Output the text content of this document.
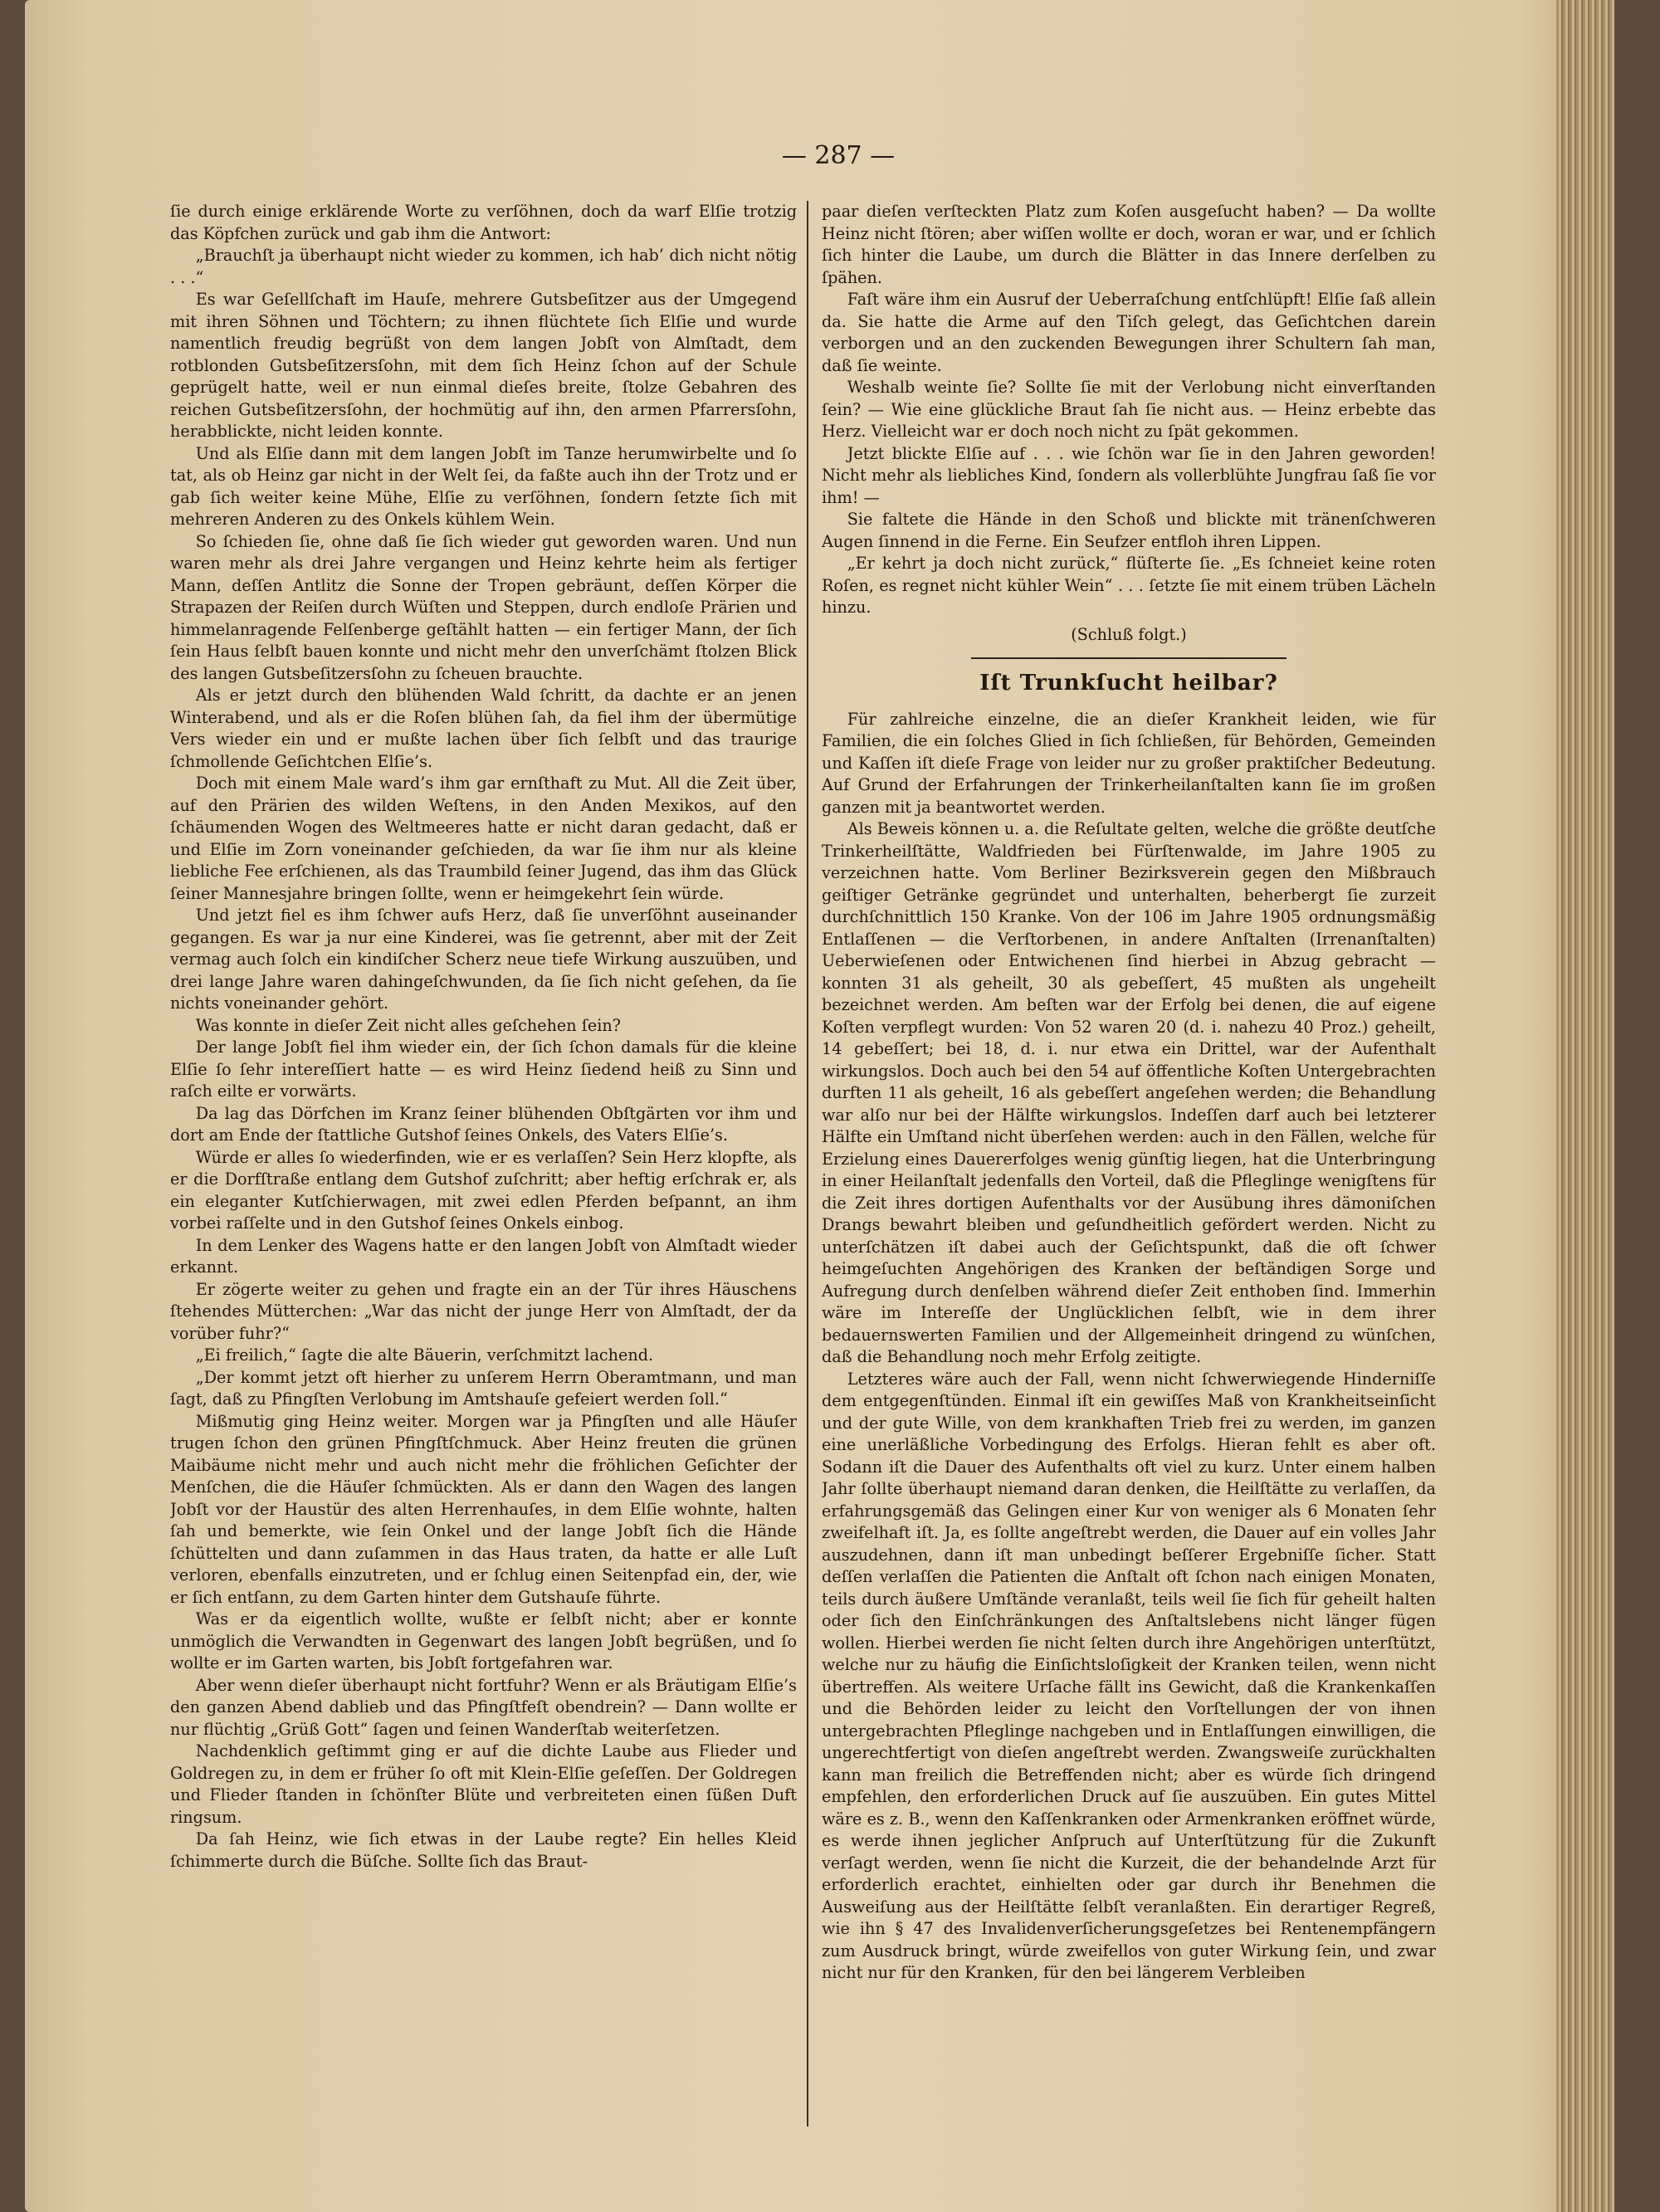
— 287 —

ſie durch einige erklärende Worte zu verſöhnen, doch da warf Elſie trotzig das Köpfchen zurück und gab ihm die Antwort:

„Brauchſt ja überhaupt nicht wieder zu kommen, ich hab’ dich nicht nötig . . .“

Es war Geſellſchaft im Hauſe, mehrere Gutsbeſitzer aus der Umgegend mit ihren Söhnen und Töchtern; zu ihnen flüchtete ſich Elſie und wurde namentlich freudig begrüßt von dem langen Jobſt von Almſtadt, dem rotblonden Gutsbeſitzersſohn, mit dem ſich Heinz ſchon auf der Schule geprügelt hatte, weil er nun einmal dieſes breite, ſtolze Gebahren des reichen Gutsbeſitzersſohn, der hochmütig auf ihn, den armen Pfarrersſohn, herabblickte, nicht leiden konnte.

Und als Elſie dann mit dem langen Jobſt im Tanze herumwirbelte und ſo tat, als ob Heinz gar nicht in der Welt ſei, da faßte auch ihn der Trotz und er gab ſich weiter keine Mühe, Elſie zu verſöhnen, ſondern ſetzte ſich mit mehreren Anderen zu des Onkels kühlem Wein.

So ſchieden ſie, ohne daß ſie ſich wieder gut geworden waren. Und nun waren mehr als drei Jahre vergangen und Heinz kehrte heim als fertiger Mann, deſſen Antlitz die Sonne der Tropen gebräunt, deſſen Körper die Strapazen der Reiſen durch Wüſten und Steppen, durch endloſe Prärien und himmelanragende Felſenberge geſtählt hatten — ein fertiger Mann, der ſich ſein Haus ſelbſt bauen konnte und nicht mehr den unverſchämt ſtolzen Blick des langen Gutsbeſitzersſohn zu ſcheuen brauchte.

Als er jetzt durch den blühenden Wald ſchritt, da dachte er an jenen Winterabend, und als er die Roſen blühen ſah, da fiel ihm der übermütige Vers wieder ein und er mußte lachen über ſich ſelbſt und das traurige ſchmollende Geſichtchen Elſie’s.

Doch mit einem Male ward’s ihm gar ernſthaft zu Mut. All die Zeit über, auf den Prärien des wilden Weſtens, in den Anden Mexikos, auf den ſchäumenden Wogen des Weltmeeres hatte er nicht daran gedacht, daß er und Elſie im Zorn voneinander geſchieden, da war ſie ihm nur als kleine liebliche Fee erſchienen, als das Traumbild ſeiner Jugend, das ihm das Glück ſeiner Mannesjahre bringen ſollte, wenn er heimgekehrt ſein würde.

Und jetzt fiel es ihm ſchwer aufs Herz, daß ſie unverſöhnt auseinander gegangen. Es war ja nur eine Kinderei, was ſie getrennt, aber mit der Zeit vermag auch ſolch ein kindiſcher Scherz neue tiefe Wirkung auszuüben, und drei lange Jahre waren dahingeſchwunden, da ſie ſich nicht geſehen, da ſie nichts voneinander gehört.

Was konnte in dieſer Zeit nicht alles geſchehen ſein?

Der lange Jobſt fiel ihm wieder ein, der ſich ſchon damals für die kleine Elſie ſo ſehr intereſſiert hatte — es wird Heinz ſiedend heiß zu Sinn und raſch eilte er vorwärts.

Da lag das Dörfchen im Kranz ſeiner blühenden Obſtgärten vor ihm und dort am Ende der ſtattliche Gutshof ſeines Onkels, des Vaters Elſie’s.

Würde er alles ſo wiederfinden, wie er es verlaſſen? Sein Herz klopfte, als er die Dorfſtraße entlang dem Gutshof zuſchritt; aber heftig erſchrak er, als ein eleganter Kutſchierwagen, mit zwei edlen Pferden beſpannt, an ihm vorbei raſſelte und in den Gutshof ſeines Onkels einbog.

In dem Lenker des Wagens hatte er den langen Jobſt von Almſtadt wieder erkannt.

Er zögerte weiter zu gehen und fragte ein an der Tür ihres Häuschens ſtehendes Mütterchen: „War das nicht der junge Herr von Almſtadt, der da vorüber fuhr?“

„Ei freilich,“ ſagte die alte Bäuerin, verſchmitzt lachend.

„Der kommt jetzt oft hierher zu unſerem Herrn Oberamtmann, und man ſagt, daß zu Pfingſten Verlobung im Amtshauſe gefeiert werden ſoll.“

Mißmutig ging Heinz weiter. Morgen war ja Pfingſten und alle Häuſer trugen ſchon den grünen Pfingſtſchmuck. Aber Heinz freuten die grünen Maibäume nicht mehr und auch nicht mehr die fröhlichen Geſichter der Menſchen, die die Häuſer ſchmückten. Als er dann den Wagen des langen Jobſt vor der Haustür des alten Herrenhauſes, in dem Elſie wohnte, halten ſah und bemerkte, wie ſein Onkel und der lange Jobſt ſich die Hände ſchüttelten und dann zuſammen in das Haus traten, da hatte er alle Luſt verloren, ebenfalls einzutreten, und er ſchlug einen Seitenpfad ein, der, wie er ſich entſann, zu dem Garten hinter dem Gutshauſe führte.

Was er da eigentlich wollte, wußte er ſelbſt nicht; aber er konnte unmöglich die Verwandten in Gegenwart des langen Jobſt begrüßen, und ſo wollte er im Garten warten, bis Jobſt fortgefahren war.

Aber wenn dieſer überhaupt nicht fortfuhr? Wenn er als Bräutigam Elſie’s den ganzen Abend dablieb und das Pfingſtfeſt obendrein? — Dann wollte er nur flüchtig „Grüß Gott“ ſagen und ſeinen Wanderſtab weiterſetzen.

Nachdenklich geſtimmt ging er auf die dichte Laube aus Flieder und Goldregen zu, in dem er früher ſo oft mit Klein-Elſie geſeſſen. Der Goldregen und Flieder ſtanden in ſchönſter Blüte und verbreiteten einen ſüßen Duft ringsum.

Da ſah Heinz, wie ſich etwas in der Laube regte? Ein helles Kleid ſchimmerte durch die Büſche. Sollte ſich das Braut-

paar dieſen verſteckten Platz zum Koſen ausgeſucht haben? — Da wollte Heinz nicht ſtören; aber wiſſen wollte er doch, woran er war, und er ſchlich ſich hinter die Laube, um durch die Blätter in das Innere derſelben zu ſpähen.

Faſt wäre ihm ein Ausruf der Ueberraſchung entſchlüpft! Elſie ſaß allein da. Sie hatte die Arme auf den Tiſch gelegt, das Geſichtchen darein verborgen und an den zuckenden Bewegungen ihrer Schultern ſah man, daß ſie weinte.

Weshalb weinte ſie? Sollte ſie mit der Verlobung nicht einverſtanden ſein? — Wie eine glückliche Braut ſah ſie nicht aus. — Heinz erbebte das Herz. Vielleicht war er doch noch nicht zu ſpät gekommen.

Jetzt blickte Elſie auf . . . wie ſchön war ſie in den Jahren geworden! Nicht mehr als liebliches Kind, ſondern als vollerblühte Jungfrau ſaß ſie vor ihm! —

Sie faltete die Hände in den Schoß und blickte mit tränenſchweren Augen ſinnend in die Ferne. Ein Seufzer entfloh ihren Lippen.

„Er kehrt ja doch nicht zurück,“ flüſterte ſie. „Es ſchneiet keine roten Roſen, es regnet nicht kühler Wein“ . . . ſetzte ſie mit einem trüben Lächeln hinzu.

(Schluß folgt.)

Iſt Trunkſucht heilbar?

Für zahlreiche einzelne, die an dieſer Krankheit leiden, wie für Familien, die ein ſolches Glied in ſich ſchließen, für Behörden, Gemeinden und Kaſſen iſt dieſe Frage von leider nur zu großer praktiſcher Bedeutung. Auf Grund der Erfahrungen der Trinkerheilanſtalten kann ſie im großen ganzen mit ja beantwortet werden.

Als Beweis können u. a. die Reſultate gelten, welche die größte deutſche Trinkerheilſtätte, Waldfrieden bei Fürſtenwalde, im Jahre 1905 zu verzeichnen hatte. Vom Berliner Bezirksverein gegen den Mißbrauch geiſtiger Getränke gegründet und unterhalten, beherbergt ſie zurzeit durchſchnittlich 150 Kranke. Von der 106 im Jahre 1905 ordnungsmäßig Entlaſſenen — die Verſtorbenen, in andere Anſtalten (Irrenanſtalten) Ueberwieſenen oder Entwichenen ſind hierbei in Abzug gebracht — konnten 31 als geheilt, 30 als gebeſſert, 45 mußten als ungeheilt bezeichnet werden. Am beſten war der Erfolg bei denen, die auf eigene Koſten verpflegt wurden: Von 52 waren 20 (d. i. nahezu 40 Proz.) geheilt, 14 gebeſſert; bei 18, d. i. nur etwa ein Drittel, war der Aufenthalt wirkungslos. Doch auch bei den 54 auf öffentliche Koſten Untergebrachten durften 11 als geheilt, 16 als gebeſſert angeſehen werden; die Behandlung war alſo nur bei der Hälfte wirkungslos. Indeſſen darf auch bei letzterer Hälfte ein Umſtand nicht überſehen werden: auch in den Fällen, welche für Erzielung eines Dauererfolges wenig günſtig liegen, hat die Unterbringung in einer Heilanſtalt jedenfalls den Vorteil, daß die Pfleglinge wenigſtens für die Zeit ihres dortigen Aufenthalts vor der Ausübung ihres dämoniſchen Drangs bewahrt bleiben und geſundheitlich gefördert werden. Nicht zu unterſchätzen iſt dabei auch der Geſichtspunkt, daß die oft ſchwer heimgeſuchten Angehörigen des Kranken der beſtändigen Sorge und Aufregung durch denſelben während dieſer Zeit enthoben ſind. Immerhin wäre im Intereſſe der Unglücklichen ſelbſt, wie in dem ihrer bedauernswerten Familien und der Allgemeinheit dringend zu wünſchen, daß die Behandlung noch mehr Erfolg zeitigte.

Letzteres wäre auch der Fall, wenn nicht ſchwerwiegende Hinderniſſe dem entgegenſtünden. Einmal iſt ein gewiſſes Maß von Krankheitseinſicht und der gute Wille, von dem krankhaften Trieb frei zu werden, im ganzen eine unerläßliche Vorbedingung des Erfolgs. Hieran fehlt es aber oft. Sodann iſt die Dauer des Aufenthalts oft viel zu kurz. Unter einem halben Jahr ſollte überhaupt niemand daran denken, die Heilſtätte zu verlaſſen, da erfahrungsgemäß das Gelingen einer Kur von weniger als 6 Monaten ſehr zweifelhaft iſt. Ja, es ſollte angeſtrebt werden, die Dauer auf ein volles Jahr auszudehnen, dann iſt man unbedingt beſſerer Ergebniſſe ſicher. Statt deſſen verlaſſen die Patienten die Anſtalt oft ſchon nach einigen Monaten, teils durch äußere Umſtände veranlaßt, teils weil ſie ſich für geheilt halten oder ſich den Einſchränkungen des Anſtaltslebens nicht länger fügen wollen. Hierbei werden ſie nicht ſelten durch ihre Angehörigen unterſtützt, welche nur zu häufig die Einſichtsloſigkeit der Kranken teilen, wenn nicht übertreffen. Als weitere Urſache fällt ins Gewicht, daß die Krankenkaſſen und die Behörden leider zu leicht den Vorſtellungen der von ihnen untergebrachten Pfleglinge nachgeben und in Entlaſſungen einwilligen, die ungerechtfertigt von dieſen angeſtrebt werden. Zwangsweiſe zurückhalten kann man freilich die Betreffenden nicht; aber es würde ſich dringend empfehlen, den erforderlichen Druck auf ſie auszuüben. Ein gutes Mittel wäre es z. B., wenn den Kaſſenkranken oder Armenkranken eröffnet würde, es werde ihnen jeglicher Anſpruch auf Unterſtützung für die Zukunft verſagt werden, wenn ſie nicht die Kurzeit, die der behandelnde Arzt für erforderlich erachtet, einhielten oder gar durch ihr Benehmen die Ausweiſung aus der Heilſtätte ſelbſt veranlaßten. Ein derartiger Regreß, wie ihn § 47 des Invalidenverſicherungsgeſetzes bei Rentenempfängern zum Ausdruck bringt, würde zweifellos von guter Wirkung ſein, und zwar nicht nur für den Kranken, für den bei längerem Verbleiben
